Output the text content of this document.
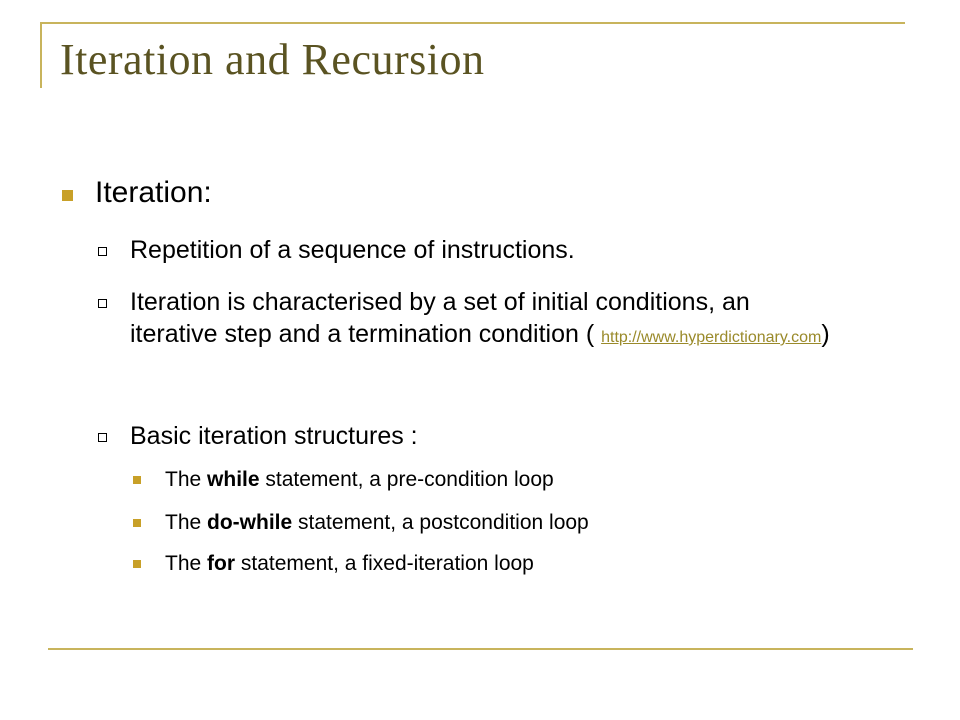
Iteration and Recursion
Iteration:
Repetition of a sequence of instructions.
Iteration is characterised by a set of initial conditions, an iterative step and a termination condition ( http://www.hyperdictionary.com)
Basic iteration structures :
The while statement, a pre-condition loop
The do-while statement, a postcondition loop
The for statement, a fixed-iteration loop
